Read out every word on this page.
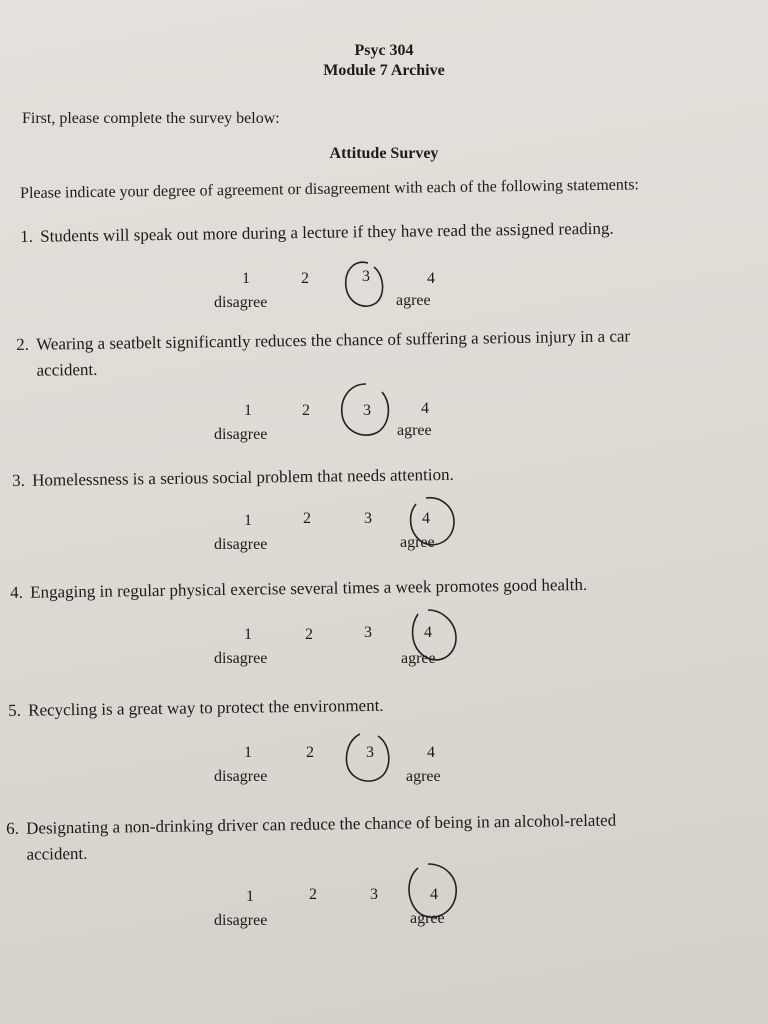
Psyc 304
Module 7 Archive
First, please complete the survey below:
Attitude Survey
Please indicate your degree of agreement or disagreement with each of the following statements:
1. Students will speak out more during a lecture if they have read the assigned reading.
1	2	3	4
disagree	agree
2. Wearing a seatbelt significantly reduces the chance of suffering a serious injury in a car
accident.
1	2	3	4
disagree	agree
3. Homelessness is a serious social problem that needs attention.
1	2	3	4
disagree	agree
4. Engaging in regular physical exercise several times a week promotes good health.
1	2	3	4
disagree	agree
5. Recycling is a great way to protect the environment.
1	2	3	4
disagree	agree
6. Designating a non-drinking driver can reduce the chance of being in an alcohol-related
accident.
1	2	3	4
disagree	agree
